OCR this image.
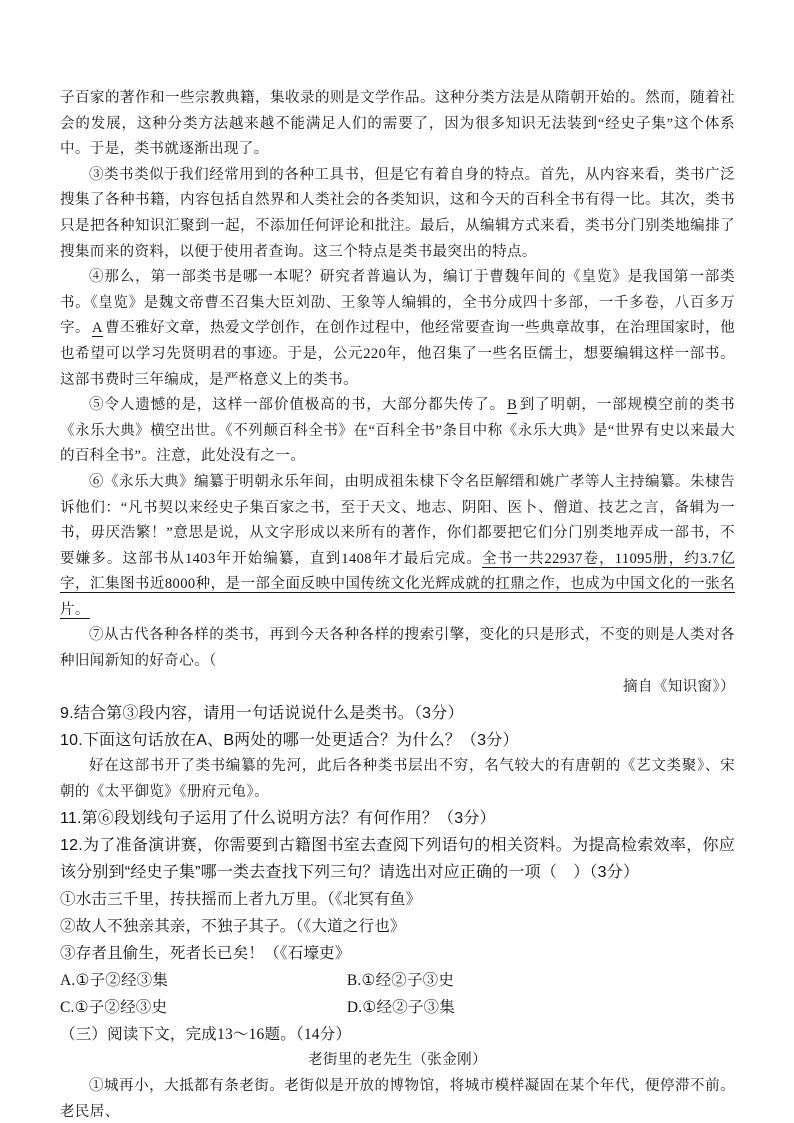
子百家的著作和一些宗教典籍，集收录的则是文学作品。这种分类方法是从隋朝开始的。然而，随着社会的发展，这种分类方法越来越不能满足人们的需要了，因为很多知识无法装到“经史子集”这个体系中。于是，类书就逐渐出现了。

③类书类似于我们经常用到的各种工具书，但是它有着自身的特点。首先，从内容来看，类书广泛搜集了各种书籍，内容包括自然界和人类社会的各类知识，这和今天的百科全书有得一比。其次，类书只是把各种知识汇聚到一起，不添加任何评论和批注。最后，从编辑方式来看，类书分门别类地编排了搜集而来的资料，以便于使用者查询。这三个特点是类书最突出的特点。

④那么，第一部类书是哪一本呢？研究者普遍认为，编订于曹魏年间的《皇览》是我国第一部类书。《皇览》是魏文帝曹丕召集大臣刘劭、王象等人编辑的，全书分成四十多部，一千多卷，八百多万字。 A 曹丕雅好文章，热爱文学创作，在创作过程中，他经常要查询一些典章故事，在治理国家时，他也希望可以学习先贤明君的事迹。于是，公元220年，他召集了一些名臣儒士，想要编辑这样一部书。这部书费时三年编成，是严格意义上的类书。

⑤令人遗憾的是，这样一部价值极高的书，大部分都失传了。 B 到了明朝，一部规模空前的类书《永乐大典》横空出世。《不列颠百科全书》在“百科全书”条目中称《永乐大典》是“世界有史以来最大的百科全书”。注意，此处没有之一。

⑥《永乐大典》编纂于明朝永乐年间，由明成祖朱棣下令名臣解缙和姚广孝等人主持编纂。朱棣告诉他们：“凡书契以来经史子集百家之书，至于天文、地志、阴阳、医卜、僧道、技艺之言，备辑为一书，毋厌浩繁！”意思是说，从文字形成以来所有的著作，你们都要把它们分门别类地弄成一部书，不要嫌多。这部书从1403年开始编纂，直到1408年才最后完成。全书一共22937卷，11095册，约3.7亿字，汇集图书近8000种，是一部全面反映中国传统文化光辉成就的扛鼎之作，也成为中国文化的一张名片。

⑦从古代各种各样的类书，再到今天各种各样的搜索引擎，变化的只是形式，不变的则是人类对各种旧闻新知的好奇心。（

摘自《知识窗》）

9.结合第③段内容，请用一句话说说什么是类书。（3分）

10.下面这句话放在A、B两处的哪一处更适合？为什么？（3分）

好在这部书开了类书编纂的先河，此后各种类书层出不穷，名气较大的有唐朝的《艺文类聚》、宋朝的《太平御览》《册府元龟》。

11.第⑥段划线句子运用了什么说明方法？有何作用？（3分）

12.为了准备演讲赛，你需要到古籍图书室去查阅下列语句的相关资料。为提高检索效率，你应该分别到“经史子集”哪一类去查找下列三句？请选出对应正确的一项（　）（3分）

①水击三千里，抟扶摇而上者九万里。（《北冥有鱼》

②故人不独亲其亲，不独子其子。（《大道之行也》

③存者且偷生，死者长已矣！（《石壕吏》

A.①子②经③集	B.①经②子③史

C.①子②经③史	D.①经②子③集

（三）阅读下文，完成13～16题。（14分）

老街里的老先生（张金刚）

①城再小，大抵都有条老街。老街似是开放的博物馆，将城市模样凝固在某个年代，便停滞不前。老民居、
